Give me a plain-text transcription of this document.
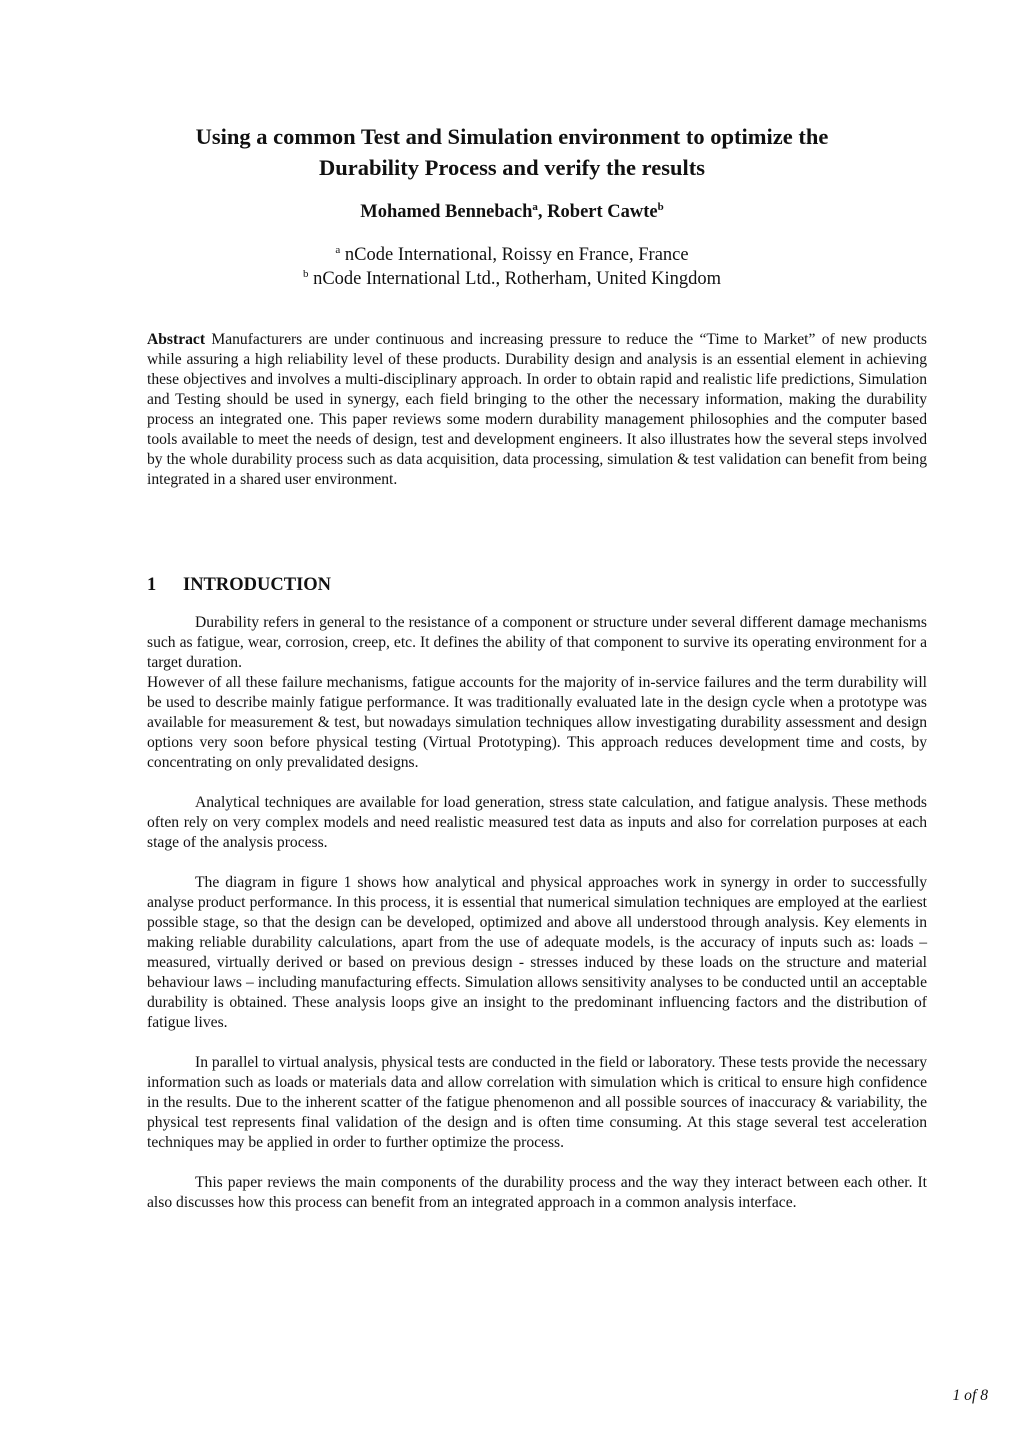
Using a common Test and Simulation environment to optimize the
Durability Process and verify the results
Mohamed Bennebach$^a$, Robert Cawte$^b$
$^a$ nCode International, Roissy en France, France
$^b$ nCode International Ltd., Rotherham, United Kingdom

Abstract Manufacturers are under continuous and increasing pressure to reduce the “Time to Market” of new products while assuring a high reliability level of these products. Durability design and analysis is an essential element in achieving these objectives and involves a multi-disciplinary approach. In order to obtain rapid and realistic life predictions, Simulation and Testing should be used in synergy, each field bringing to the other the necessary information, making the durability process an integrated one. This paper reviews some modern durability management philosophies and the computer based tools available to meet the needs of design, test and development engineers. It also illustrates how the several steps involved by the whole durability process such as data acquisition, data processing, simulation & test validation can benefit from being integrated in a shared user environment.

1 INTRODUCTION

Durability refers in general to the resistance of a component or structure under several different damage mechanisms such as fatigue, wear, corrosion, creep, etc. It defines the ability of that component to survive its operating environment for a target duration.

However of all these failure mechanisms, fatigue accounts for the majority of in-service failures and the term durability will be used to describe mainly fatigue performance. It was traditionally evaluated late in the design cycle when a prototype was available for measurement & test, but nowadays simulation techniques allow investigating durability assessment and design options very soon before physical testing (Virtual Prototyping). This approach reduces development time and costs, by concentrating on only prevalidated designs.

Analytical techniques are available for load generation, stress state calculation, and fatigue analysis. These methods often rely on very complex models and need realistic measured test data as inputs and also for correlation purposes at each stage of the analysis process.

The diagram in figure 1 shows how analytical and physical approaches work in synergy in order to successfully analyse product performance. In this process, it is essential that numerical simulation techniques are employed at the earliest possible stage, so that the design can be developed, optimized and above all understood through analysis. Key elements in making reliable durability calculations, apart from the use of adequate models, is the accuracy of inputs such as: loads – measured, virtually derived or based on previous design - stresses induced by these loads on the structure and material behaviour laws – including manufacturing effects. Simulation allows sensitivity analyses to be conducted until an acceptable durability is obtained. These analysis loops give an insight to the predominant influencing factors and the distribution of fatigue lives.

In parallel to virtual analysis, physical tests are conducted in the field or laboratory. These tests provide the necessary information such as loads or materials data and allow correlation with simulation which is critical to ensure high confidence in the results. Due to the inherent scatter of the fatigue phenomenon and all possible sources of inaccuracy & variability, the physical test represents final validation of the design and is often time consuming. At this stage several test acceleration techniques may be applied in order to further optimize the process.

This paper reviews the main components of the durability process and the way they interact between each other. It also discusses how this process can benefit from an integrated approach in a common analysis interface.

1 of 8
